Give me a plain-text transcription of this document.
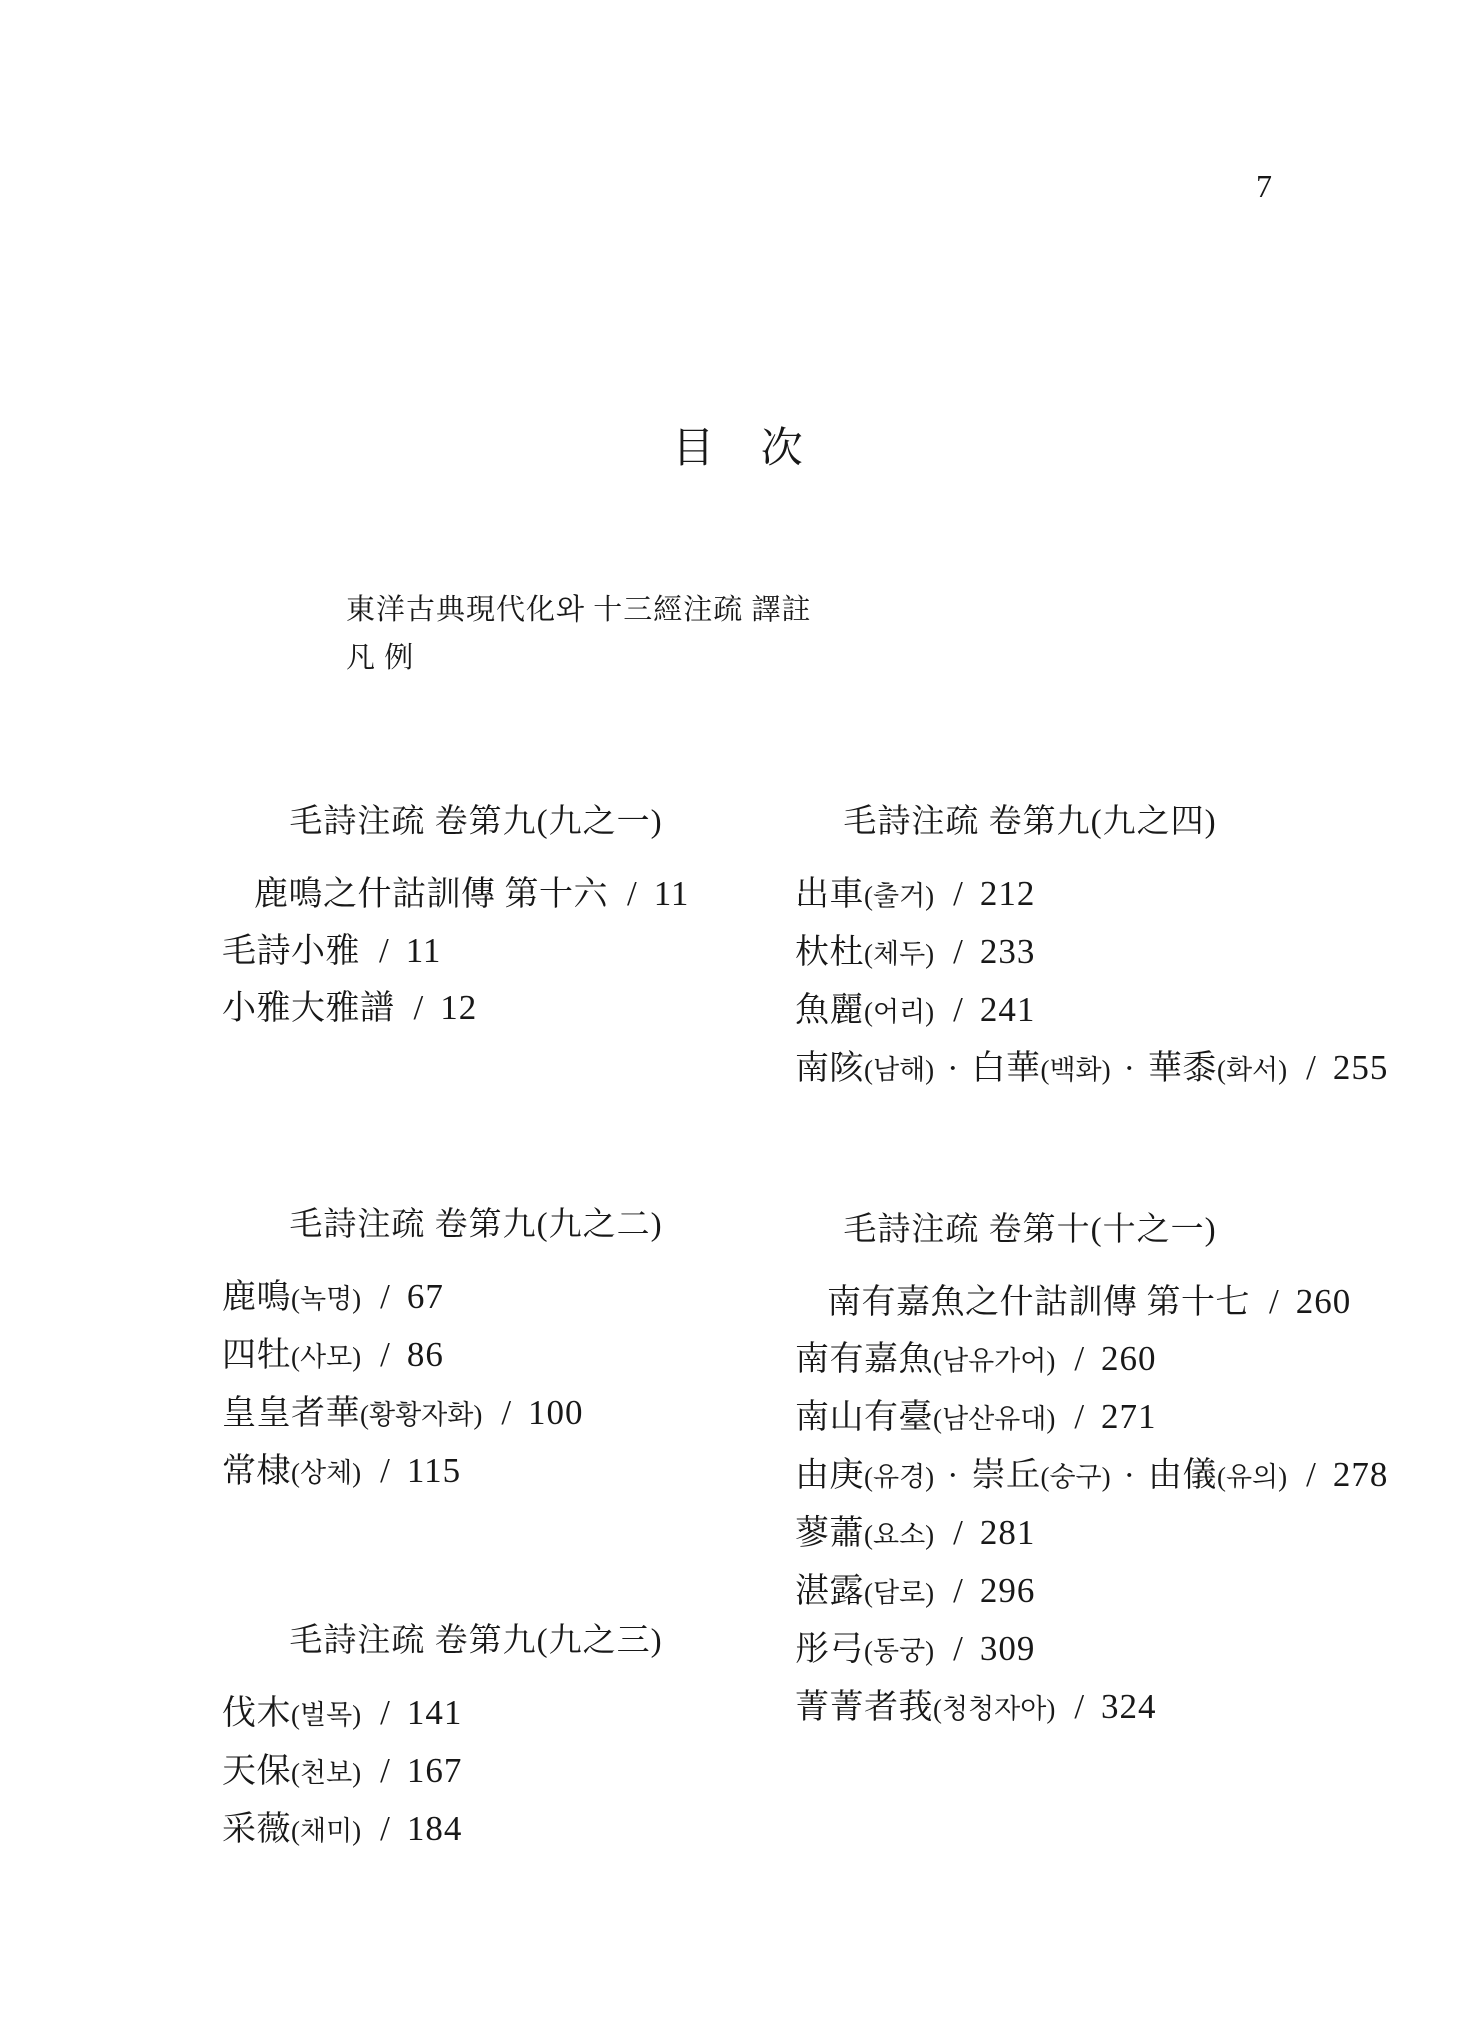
7
目 次
東洋古典現代化와 十三經注疏 譯註
凡 例
毛詩注疏 卷第九(九之一)
鹿鳴之什詁訓傳 第十六 / 11
毛詩小雅 / 11
小雅大雅譜 / 12
毛詩注疏 卷第九(九之二)
鹿鳴(녹명) / 67
四牡(사모) / 86
皇皇者華(황황자화) / 100
常棣(상체) / 115
毛詩注疏 卷第九(九之三)
伐木(벌목) / 141
天保(천보) / 167
采薇(채미) / 184
毛詩注疏 卷第九(九之四)
出車(출거) / 212
杕杜(체두) / 233
魚麗(어리) / 241
南陔(남해) · 白華(백화) · 華黍(화서) / 255
毛詩注疏 卷第十(十之一)
南有嘉魚之什詁訓傳 第十七 / 260
南有嘉魚(남유가어) / 260
南山有臺(남산유대) / 271
由庚(유경) · 崇丘(숭구) · 由儀(유의) / 278
蓼蕭(요소) / 281
湛露(담로) / 296
彤弓(동궁) / 309
菁菁者莪(청청자아) / 324
